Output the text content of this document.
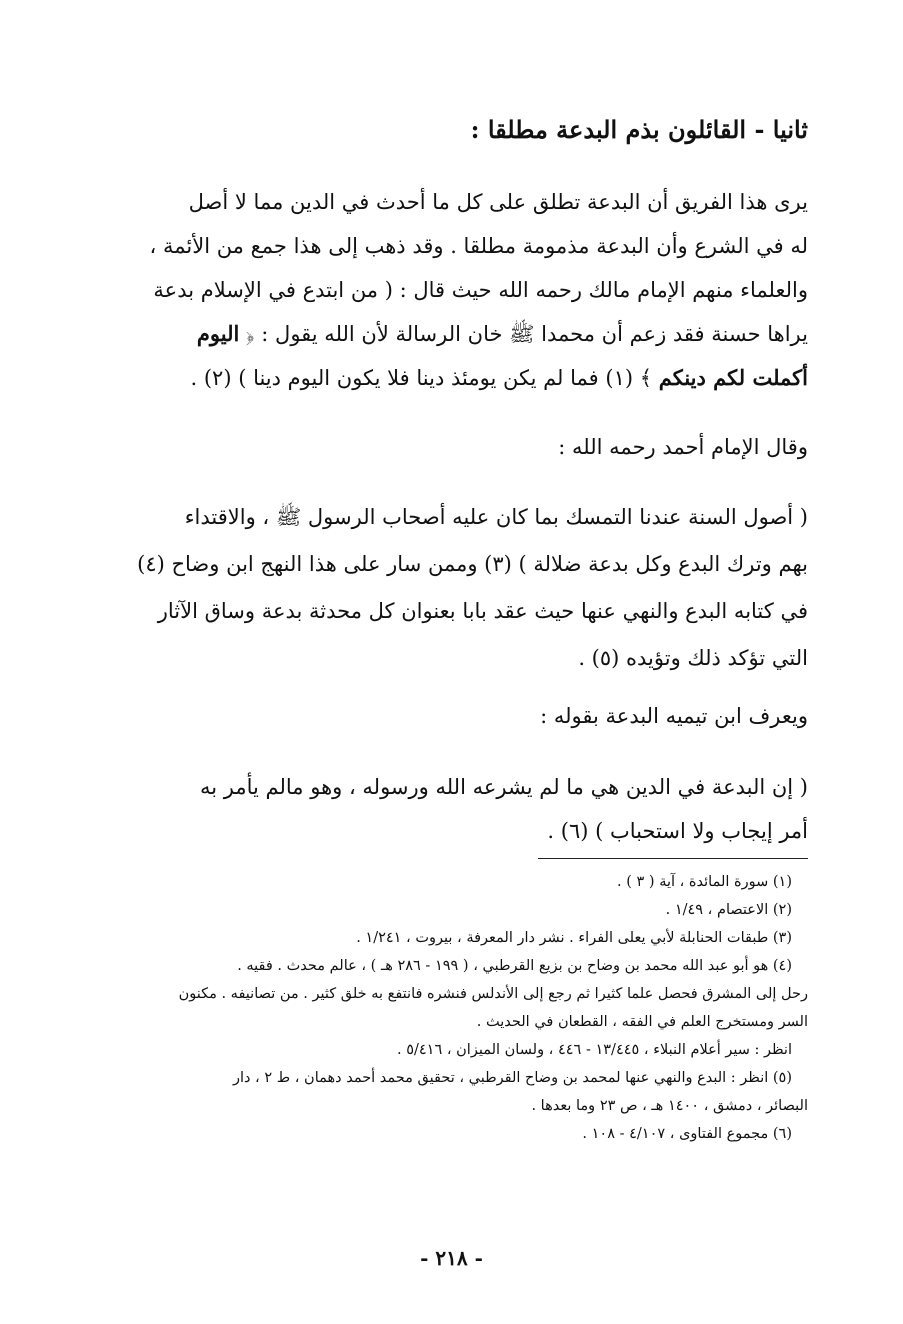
ثانيا - القائلون بذم البدعة مطلقا :
يرى هذا الفريق أن البدعة تطلق على كل ما أحدث في الدين مما لا أصل
له في الشرع وأن البدعة مذمومة مطلقا . وقد ذهب إلى هذا جمع من الأئمة ،
والعلماء منهم الإمام مالك رحمه الله حيث قال : ( من ابتدع في الإسلام بدعة
يراها حسنة فقد زعم أن محمدا ﷺ خان الرسالة لأن الله يقول : ﴿ اليوم
أكملت لكم دينكم ﴾ (١) فما لم يكن يومئذ دينا فلا يكون اليوم دينا ) (٢) .
وقال الإمام أحمد رحمه الله :
( أصول السنة عندنا التمسك بما كان عليه أصحاب الرسول ﷺ ، والاقتداء
بهم وترك البدع وكل بدعة ضلالة ) (٣) وممن سار على هذا النهج ابن وضاح (٤)
في كتابه البدع والنهي عنها حيث عقد بابا بعنوان كل محدثة بدعة وساق الآثار
التي تؤكد ذلك وتؤيده (٥) .
ويعرف ابن تيميه البدعة بقوله :
( إن البدعة في الدين هي ما لم يشرعه الله ورسوله ، وهو مالم يأمر به
أمر إيجاب ولا استحباب ) (٦) .
(١) سورة المائدة ، آية ( ٣ ) .
(٢) الاعتصام ، ١/٤٩ .
(٣) طبقات الحنابلة لأبي يعلى الفراء . نشر دار المعرفة ، بيروت ، ١/٢٤١ .
(٤) هو أبو عبد الله محمد بن وضاح بن بزيع القرطبي ، ( ١٩٩ - ٢٨٦ هـ ) ، عالم محدث . فقيه .
رحل إلى المشرق فحصل علما كثيرا ثم رجع إلى الأندلس فنشره فانتفع به خلق كثير . من تصانيفه . مكنون
السر ومستخرج العلم في الفقه ، القطعان في الحديث .
انظر : سير أعلام النبلاء ، ١٣/٤٤٥ - ٤٤٦ ، ولسان الميزان ، ٥/٤١٦ .
(٥) انظر : البدع والنهي عنها لمحمد بن وضاح القرطبي ، تحقيق محمد أحمد دهمان ، ط ٢ ، دار
البصائر ، دمشق ، ١٤٠٠ هـ ، ص ٢٣ وما بعدها .
(٦) مجموع الفتاوى ، ٤/١٠٧ - ١٠٨ .
- ٢١٨ -
